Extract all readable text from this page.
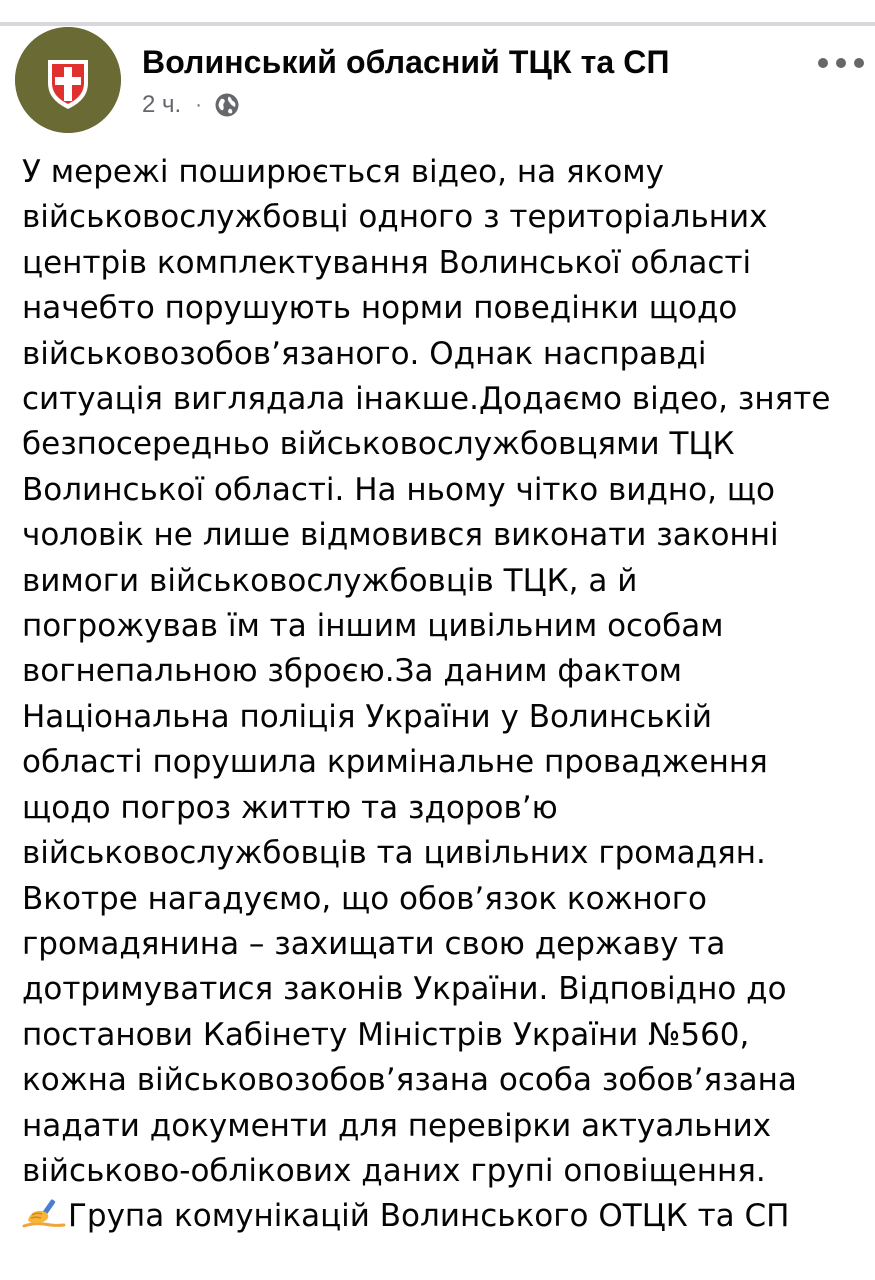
Волинський обласний ТЦК та СП
2 ч. ·
У мережі поширюється відео, на якому
військовослужбовці одного з територіальних
центрів комплектування Волинської області
начебто порушують норми поведінки щодо
військовозобов’язаного. Однак насправді
ситуація виглядала інакше.Додаємо відео, зняте
безпосередньо військовослужбовцями ТЦК
Волинської області. На ньому чітко видно, що
чоловік не лише відмовився виконати законні
вимоги військовослужбовців ТЦК, а й
погрожував їм та іншим цивільним особам
вогнепальною зброєю.За даним фактом
Національна поліція України у Волинській
області порушила кримінальне провадження
щодо погроз життю та здоров’ю
військовослужбовців та цивільних громадян.
Вкотре нагадуємо, що обов’язок кожного
громадянина – захищати свою державу та
дотримуватися законів України. Відповідно до
постанови Кабінету Міністрів України №560,
кожна військовозобов’язана особа зобов’язана
надати документи для перевірки актуальних
військово-облікових даних групі оповіщення.
Група комунікацій Волинського ОТЦК та СП
